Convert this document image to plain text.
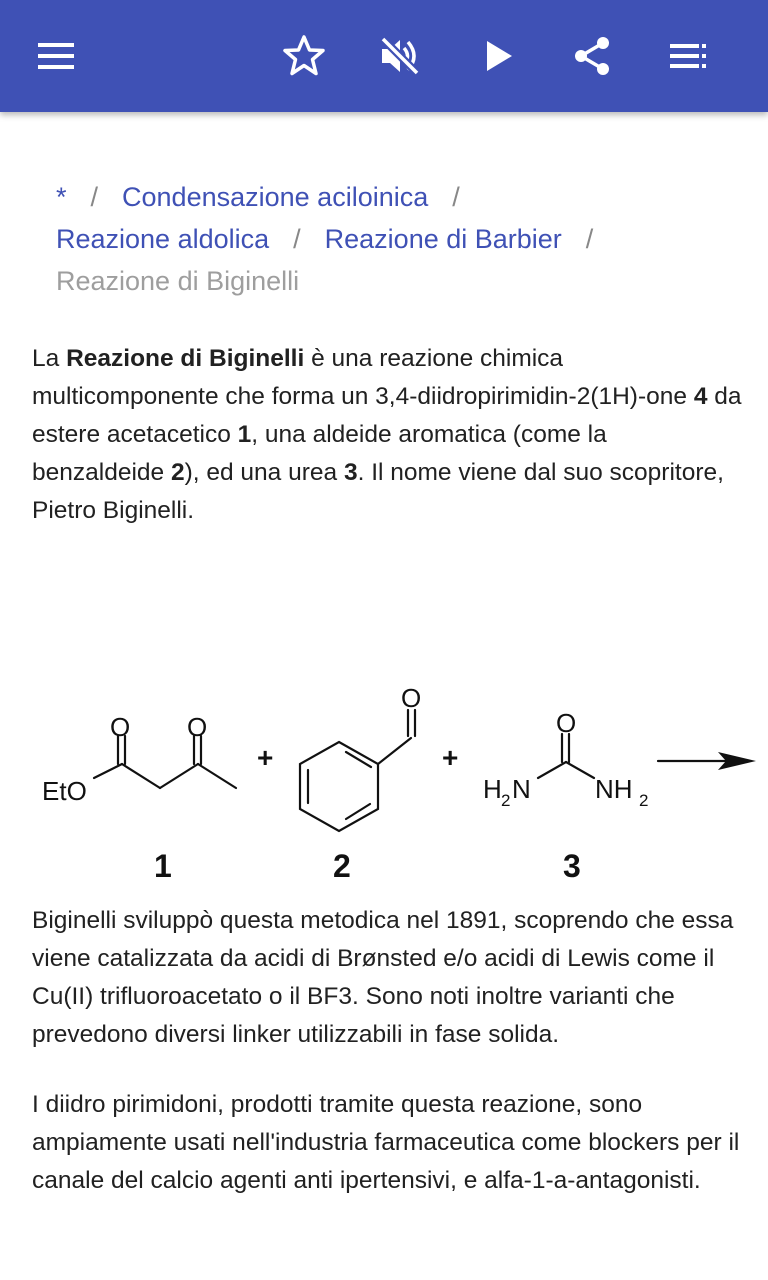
* / Condensazione aciloinica /
Reazione aldolica / Reazione di Barbier /
Reazione di Biginelli
La Reazione di Biginelli è una reazione chimica multicomponente che forma un 3,4-diidropirimidin-2(1H)-one 4 da estere acetacetico 1, una aldeide aromatica (come la benzaldeide 2), ed una urea 3. Il nome viene dal suo scopritore, Pietro Biginelli.
EtO
O O
+
O
+
O
H 2 N NH 2
1	2	3
Biginelli sviluppò questa metodica nel 1891, scoprendo che essa viene catalizzata da acidi di Brønsted e/o acidi di Lewis come il Cu(II) trifluoroacetato o il BF3. Sono noti inoltre varianti che prevedono diversi linker utilizzabili in fase solida.
I diidro pirimidoni, prodotti tramite questa reazione, sono ampiamente usati nell'industria farmaceutica come blockers per il canale del calcio agenti anti ipertensivi, e alfa-1-a-antagonisti.
